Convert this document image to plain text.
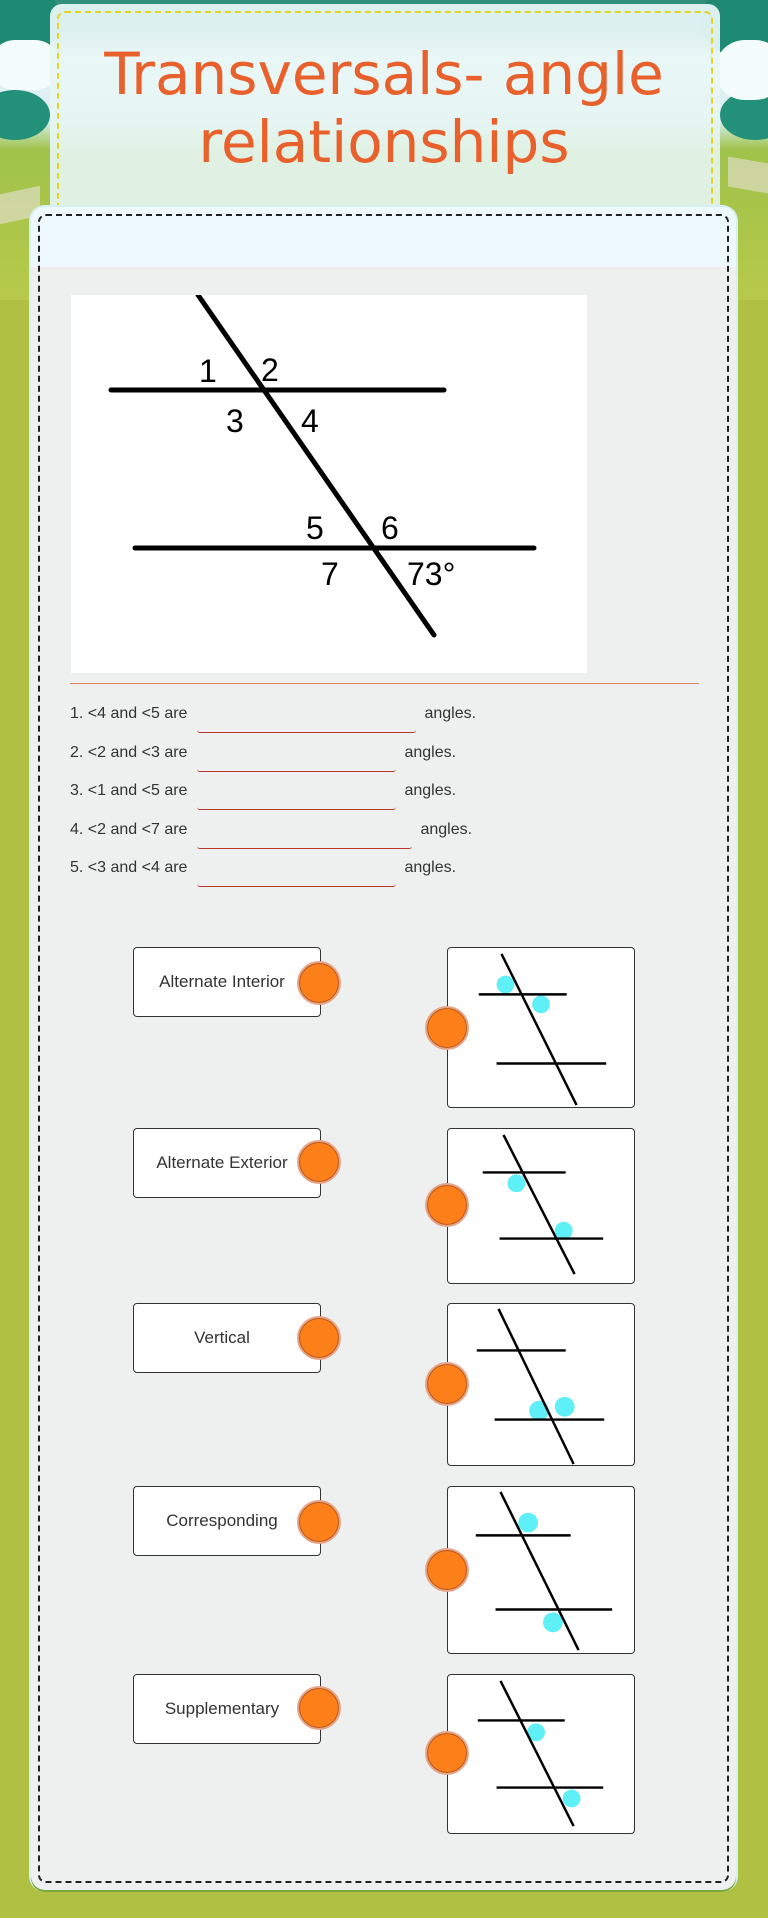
Transversals- angle relationships
1 2
3 4
5 6
7 73°
1.
<4 and <5 are	angles.
2.
<2 and <3 are	angles.
3.
<1 and <5 are	angles.
4.
<2 and <7 are	angles.
5.
<3 and <4 are	angles.
Alternate Interior
Alternate Exterior
Vertical
Corresponding
Supplementary
